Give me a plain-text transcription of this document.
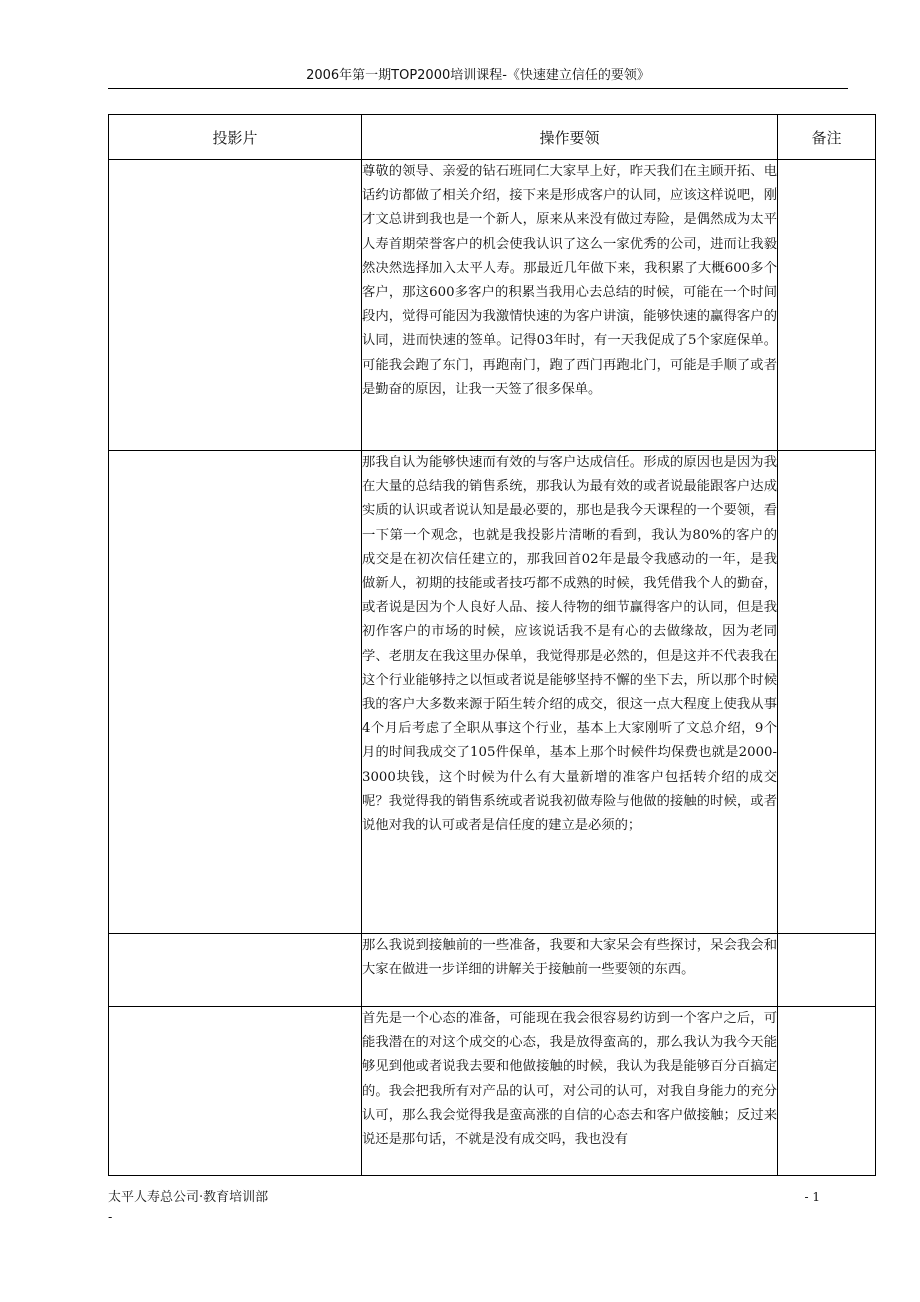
2006年第一期TOP2000培训课程-《快速建立信任的要领》
投影片	操作要领	备注
	尊敬的领导、亲爱的钻石班同仁大家早上好，昨天我们在主顾开拓、电话约访都做了相关介绍，接下来是形成客户的认同，应该这样说吧，刚才文总讲到我也是一个新人，原来从来没有做过寿险，是偶然成为太平人寿首期荣誉客户的机会使我认识了这么一家优秀的公司，进而让我毅然决然选择加入太平人寿。那最近几年做下来，我积累了大概600多个客户，那这600多客户的积累当我用心去总结的时候，可能在一个时间段内，觉得可能因为我激情快速的为客户讲演，能够快速的赢得客户的认同，进而快速的签单。记得03年时，有一天我促成了5个家庭保单。可能我会跑了东门，再跑南门，跑了西门再跑北门，可能是手顺了或者是勤奋的原因，让我一天签了很多保单。	
	那我自认为能够快速而有效的与客户达成信任。形成的原因也是因为我在大量的总结我的销售系统，那我认为最有效的或者说最能跟客户达成实质的认识或者说认知是最必要的，那也是我今天课程的一个要领，看一下第一个观念，也就是我投影片清晰的看到，我认为80%的客户的成交是在初次信任建立的，那我回首02年是最令我感动的一年，是我做新人，初期的技能或者技巧都不成熟的时候，我凭借我个人的勤奋，或者说是因为个人良好人品、接人待物的细节赢得客户的认同，但是我初作客户的市场的时候，应该说话我不是有心的去做缘故，因为老同学、老朋友在我这里办保单，我觉得那是必然的，但是这并不代表我在这个行业能够持之以恒或者说是能够坚持不懈的坐下去，所以那个时候我的客户大多数来源于陌生转介绍的成交，很这一点大程度上使我从事4个月后考虑了全职从事这个行业，基本上大家刚听了文总介绍，9个月的时间我成交了105件保单，基本上那个时候件均保费也就是2000-3000块钱，这个时候为什么有大量新增的准客户包括转介绍的成交呢？我觉得我的销售系统或者说我初做寿险与他做的接触的时候，或者说他对我的认可或者是信任度的建立是必须的；	
	那么我说到接触前的一些准备，我要和大家呆会有些探讨，呆会我会和大家在做进一步详细的讲解关于接触前一些要领的东西。	
	首先是一个心态的准备，可能现在我会很容易约访到一个客户之后，可能我潜在的对这个成交的心态，我是放得蛮高的，那么我认为我今天能够见到他或者说我去要和他做接触的时候，我认为我是能够百分百搞定的。我会把我所有对产品的认可，对公司的认可，对我自身能力的充分认可，那么我会觉得我是蛮高涨的自信的心态去和客户做接触；反过来说还是那句话，不就是没有成交吗，我也没有	
太平人寿总公司·教育培训部
-
- 1
